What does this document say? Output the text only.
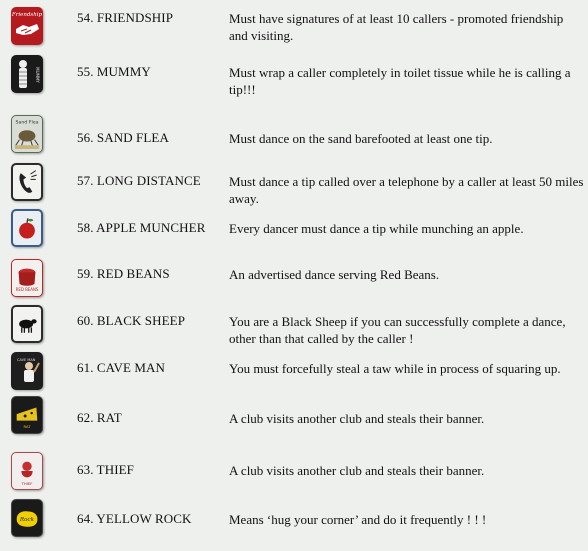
Friendship	54. FRIENDSHIP	Must have signatures of at least 10 callers - promoted friendship and visiting.
MUMMY	55. MUMMY	Must wrap a caller completely in toilet tissue while he is calling a tip!!!
Sand Flea
56. SAND FLEA	Must dance on the sand barefooted at least one tip.
57. LONG DISTANCE Must dance a tip called over a telephone by a caller at least 50 miles away.
58. APPLE MUNCHER Every dancer must dance a tip while munching an apple.
RED BEANS
59. RED BEANS	An advertised dance serving Red Beans.
60. BLACK SHEEP	You are a Black Sheep if you can successfully complete a dance, other than that called by the caller !
CAVE MAN	61. CAVE MAN	You must forcefully steal a taw while in process of squaring up.
RAT
62. RAT	A club visits another club and steals their banner.
THIEF
63. THIEF	A club visits another club and steals their banner.
Rock	64. YELLOW ROCK	Means ‘hug your corner’ and do it frequently ! ! !
